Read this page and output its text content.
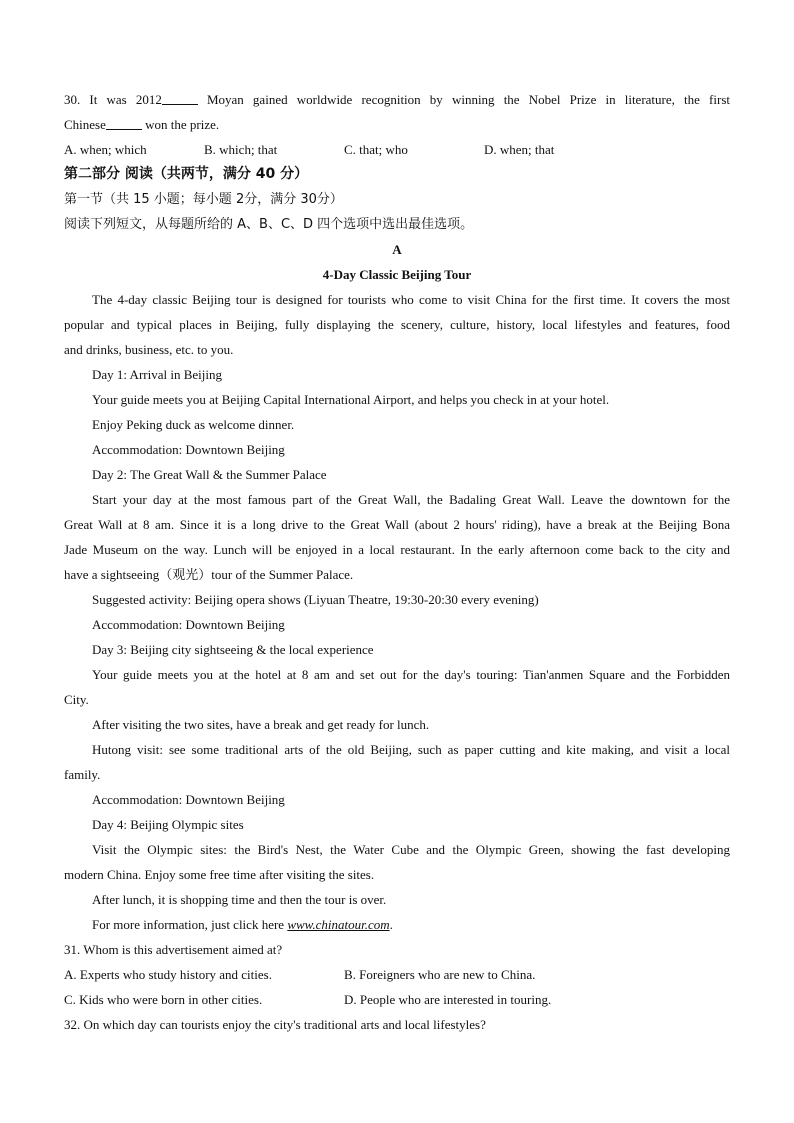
30. It was 2012	Moyan gained worldwide recognition by winning the Nobel Prize in literature, the first
Chinese	won the prize.
A. when; which	B. which; that	C. that; who	D. when; that
第二部分 阅读（共两节，满分 40 分）
第一节（共 15 小题；每小题 2分，满分 30分）
阅读下列短文，从每题所给的 A、B、C、D 四个选项中选出最佳选项。
A
4-Day Classic Beijing Tour
The 4-day classic Beijing tour is designed for tourists who come to visit China for the first time. It covers the most
popular and typical places in Beijing, fully displaying the scenery, culture, history, local lifestyles and features, food
and drinks, business, etc. to you.
Day 1: Arrival in Beijing
Your guide meets you at Beijing Capital International Airport, and helps you check in at your hotel.
Enjoy Peking duck as welcome dinner.
Accommodation: Downtown Beijing
Day 2: The Great Wall & the Summer Palace
Start your day at the most famous part of the Great Wall, the Badaling Great Wall. Leave the downtown for the
Great Wall at 8 am. Since it is a long drive to the Great Wall (about 2 hours' riding), have a break at the Beijing Bona
Jade Museum on the way. Lunch will be enjoyed in a local restaurant. In the early afternoon come back to the city and
have a sightseeing（观光）tour of the Summer Palace.
Suggested activity: Beijing opera shows (Liyuan Theatre, 19:30-20:30 every evening)
Accommodation: Downtown Beijing
Day 3: Beijing city sightseeing & the local experience
Your guide meets you at the hotel at 8 am and set out for the day's touring: Tian'anmen Square and the Forbidden
City.
After visiting the two sites, have a break and get ready for lunch.
Hutong visit: see some traditional arts of the old Beijing, such as paper cutting and kite making, and visit a local
family.
Accommodation: Downtown Beijing
Day 4: Beijing Olympic sites
Visit the Olympic sites: the Bird's Nest, the Water Cube and the Olympic Green, showing the fast developing
modern China. Enjoy some free time after visiting the sites.
After lunch, it is shopping time and then the tour is over.
For more information, just click here www.chinatour.com.
31. Whom is this advertisement aimed at?
A. Experts who study history and cities.	B. Foreigners who are new to China.
C. Kids who were born in other cities.	D. People who are interested in touring.
32. On which day can tourists enjoy the city's traditional arts and local lifestyles?
